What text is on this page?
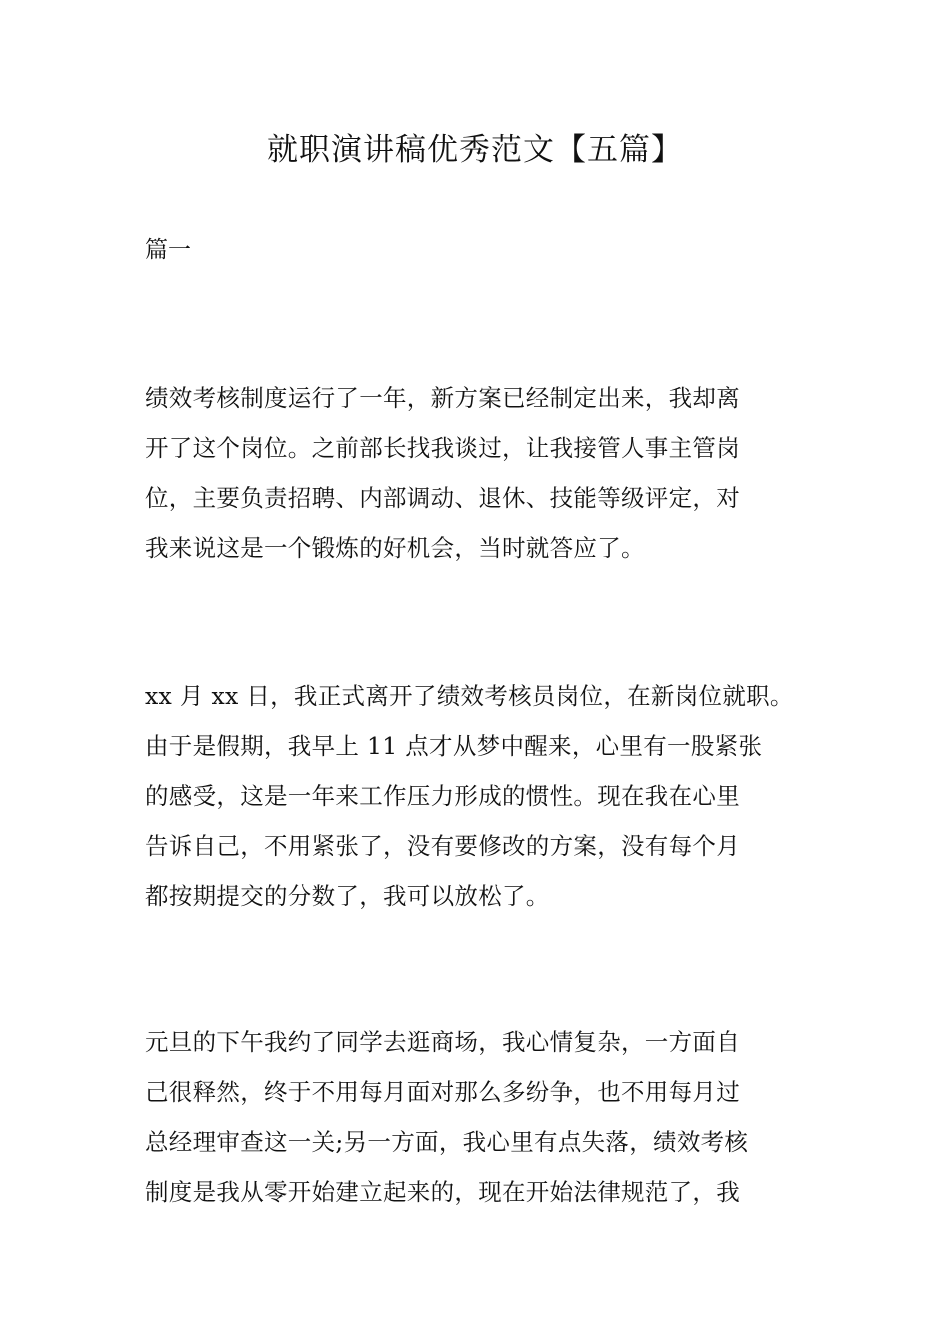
就职演讲稿优秀范文【五篇】
篇一

绩效考核制度运行了一年，新方案已经制定出来，我却离
开了这个岗位。之前部长找我谈过，让我接管人事主管岗
位，主要负责招聘、内部调动、退休、技能等级评定，对
我来说这是一个锻炼的好机会，当时就答应了。

xx 月 xx 日，我正式离开了绩效考核员岗位，在新岗位就职。
由于是假期，我早上 11 点才从梦中醒来，心里有一股紧张
的感受，这是一年来工作压力形成的惯性。现在我在心里
告诉自己，不用紧张了，没有要修改的方案，没有每个月
都按期提交的分数了，我可以放松了。

元旦的下午我约了同学去逛商场，我心情复杂，一方面自
己很释然，终于不用每月面对那么多纷争，也不用每月过
总经理审查这一关;另一方面，我心里有点失落，绩效考核
制度是我从零开始建立起来的，现在开始法律规范了，我
